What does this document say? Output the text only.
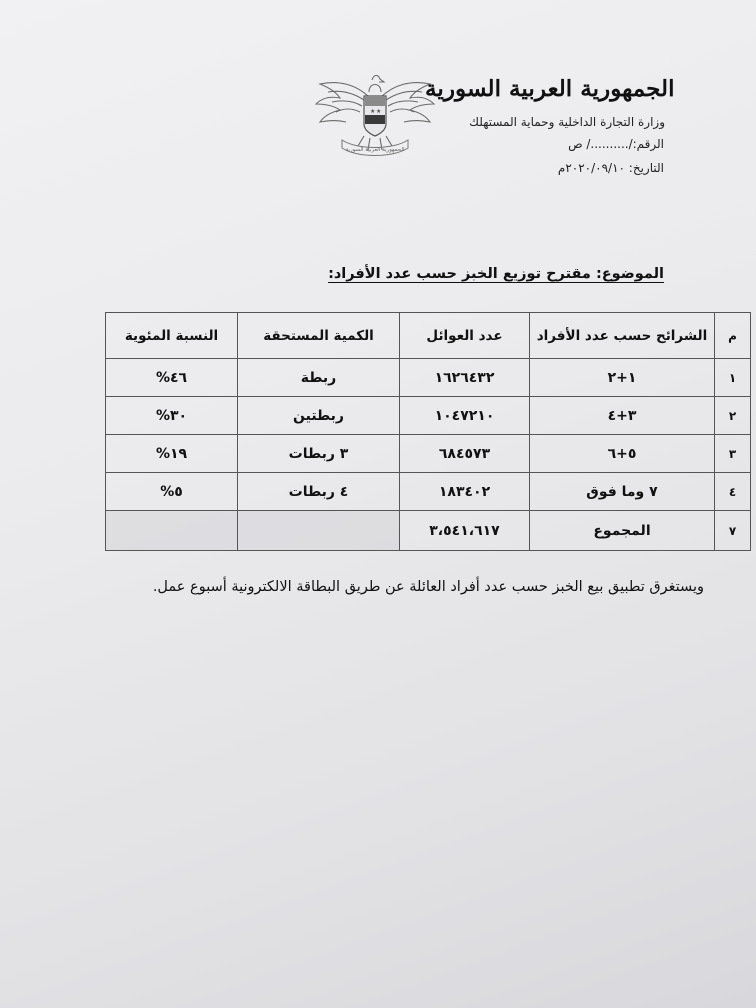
★ ★
الجمهورية العربية السورية
الجمهورية العربية السورية
وزارة التجارة الداخلية وحماية المستهلك
الرقم:/........../ ص
التاريخ: ٢٠٢٠/٠٩/١٠م
الموضوع: مقترح توزيع الخبز حسب عدد الأفراد:
م	الشرائح حسب عدد الأفراد	عدد العوائل	الكمية المستحقة	النسبة المئوية
١	١+٢	١٦٢٦٤٣٢	ربطة	٤٦%
٢	٣+٤	١٠٤٧٢١٠	ربطتين	٣٠%
٣	٥+٦	٦٨٤٥٧٣	٣ ربطات	١٩%
٤	٧ وما فوق	١٨٣٤٠٢	٤ ربطات	٥%
٧	المجموع	٣،٥٤١،٦١٧		
ويستغرق تطبيق بيع الخبز حسب عدد أفراد العائلة عن طريق البطاقة الالكترونية أسبوع عمل.
